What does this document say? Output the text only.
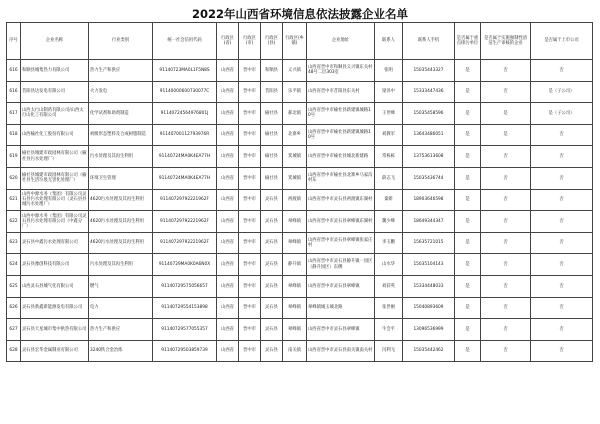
2022年山西省环境信息依法披露企业名单
序号	企业名称	行业类别	统一社会信用代码	行政区(省)	行政区(市)	行政区(县)	行政区(乡镇)	企业地址	联系人	联系人手机	是否属于重点排污单位	是否属于实施强制性清洁生产审核的企业	是否属于上市公司
616	和顺县城集热力有限公司	热力生产和供应	91140723MA0L1F5N8S	山西省	晋中市	和顺县	义兴镇	山西省晋中市和顺县义兴镇东关村48号二层303室	张明	15035443327	是	否	否
616	昔阳县达发电有限公司	火力发电	91140000600730077C	山西省	晋中市	昔阳县	乐平镇	山西省晋中市昔阳县东关村	梁泽中	15333447436	是	否	是（子公司）
617	山西太行山制药有限公司/山西太行山化工有限公司	化学试剂和助剂制造	91140724564976801J	山西省	晋中市	榆社县	郝北镇	山西省晋中市榆社县新建镇城路10号	王世峰	15035458596	是	是	是（子公司）
618	山西榆社化工股份有限公司	初级形态塑料及合成树脂制造	91140700112793976R	山西省	晋中市	榆社县	北寨乡	山西省晋中市榆社县新建镇城路10号	刘教军	13643486051	是	是	否
619	榆社县城建市政园林有限公司（榆社县污水处理厂）	污水处理及其再生利用	91140724MA0K4EA77H	山西省	晋中市	榆社县	箕城镇	山西省晋中市榆社县城北新建路	常栋栋	13753613608	是	否	否
620	榆社县城建市政园林有限公司（榆社县生活垃圾无害化处理厂）	环境卫生管理	91140724MA0K4EA77H	山西省	晋中市	榆社县	箕城镇	山西省晋中市榆社县北寨乡马家沟村东	薛志飞	15035436744	是	否	否
621	山西中源水务（集团）有限公司灵石县污水处理有限公司（灵石县县城污水处理厂）	4620污水处理及其再生利用	91140729792221962F	山西省	晋中市	灵石县	两渡镇	山西省晋中市灵石县两渡镇东湖村	秦新	18903646598	是	否	否
622	山西中源水务（集团）有限公司灵石县污水处理有限公司（中鑫分厂）	4620污水处理及其再生利用	91140729792221962F	山西省	晋中市	灵石县	翠峰镇	山西省晋中市灵石县翠峰镇东湖村	魏少峰	18649344347	是	否	否
623	灵石县中鑫污水处理有限公司	4620污水处理及其再生利用	91140729792221962F	山西省	晋中市	灵石县	翠峰镇	山西省晋中市灵石县翠峰镇张家庄村	李玉鹏	15635721015	是	否	否
624	灵石县豫创科技有限公司	污水处理及其再生利用	91140729MA0K0A6N0X	山西省	晋中市	灵石县	静升镇	山西省晋中市灵石县静升镇一园区（静升园区）东侧	山水华	15035104143	是	否	否
625	山西灵石县城气化有限公司	燃气	91140729575056657	山西省	晋中市	灵石县	翠峰镇	山西省晋中市灵石县翠峰镇	刘彩英	15334448033	是	否	否
626	灵石县新鑫新能源发电有限公司	电力	91140729554153898	山西省	晋中市	灵石县	翠峰镇	翠峰镇城玉城北路	张世刚	15040893609	是	否	否
627	灵石县天星城市集中供热有限公司	热力生产和供应	91140729577055357	山西省	晋中市	灵石县	翠峰镇	山西省晋中市灵石县翠峰镇	牛会平	13096536999	是	否	否
628	灵石县宏华金属制业有限公司	3240铁合金冶炼	91140729503859739	山西省	晋中市	灵石县	南关镇	山西省晋中市灵石县南关镇南关村	闫利飞	15035442462	是	否	否
